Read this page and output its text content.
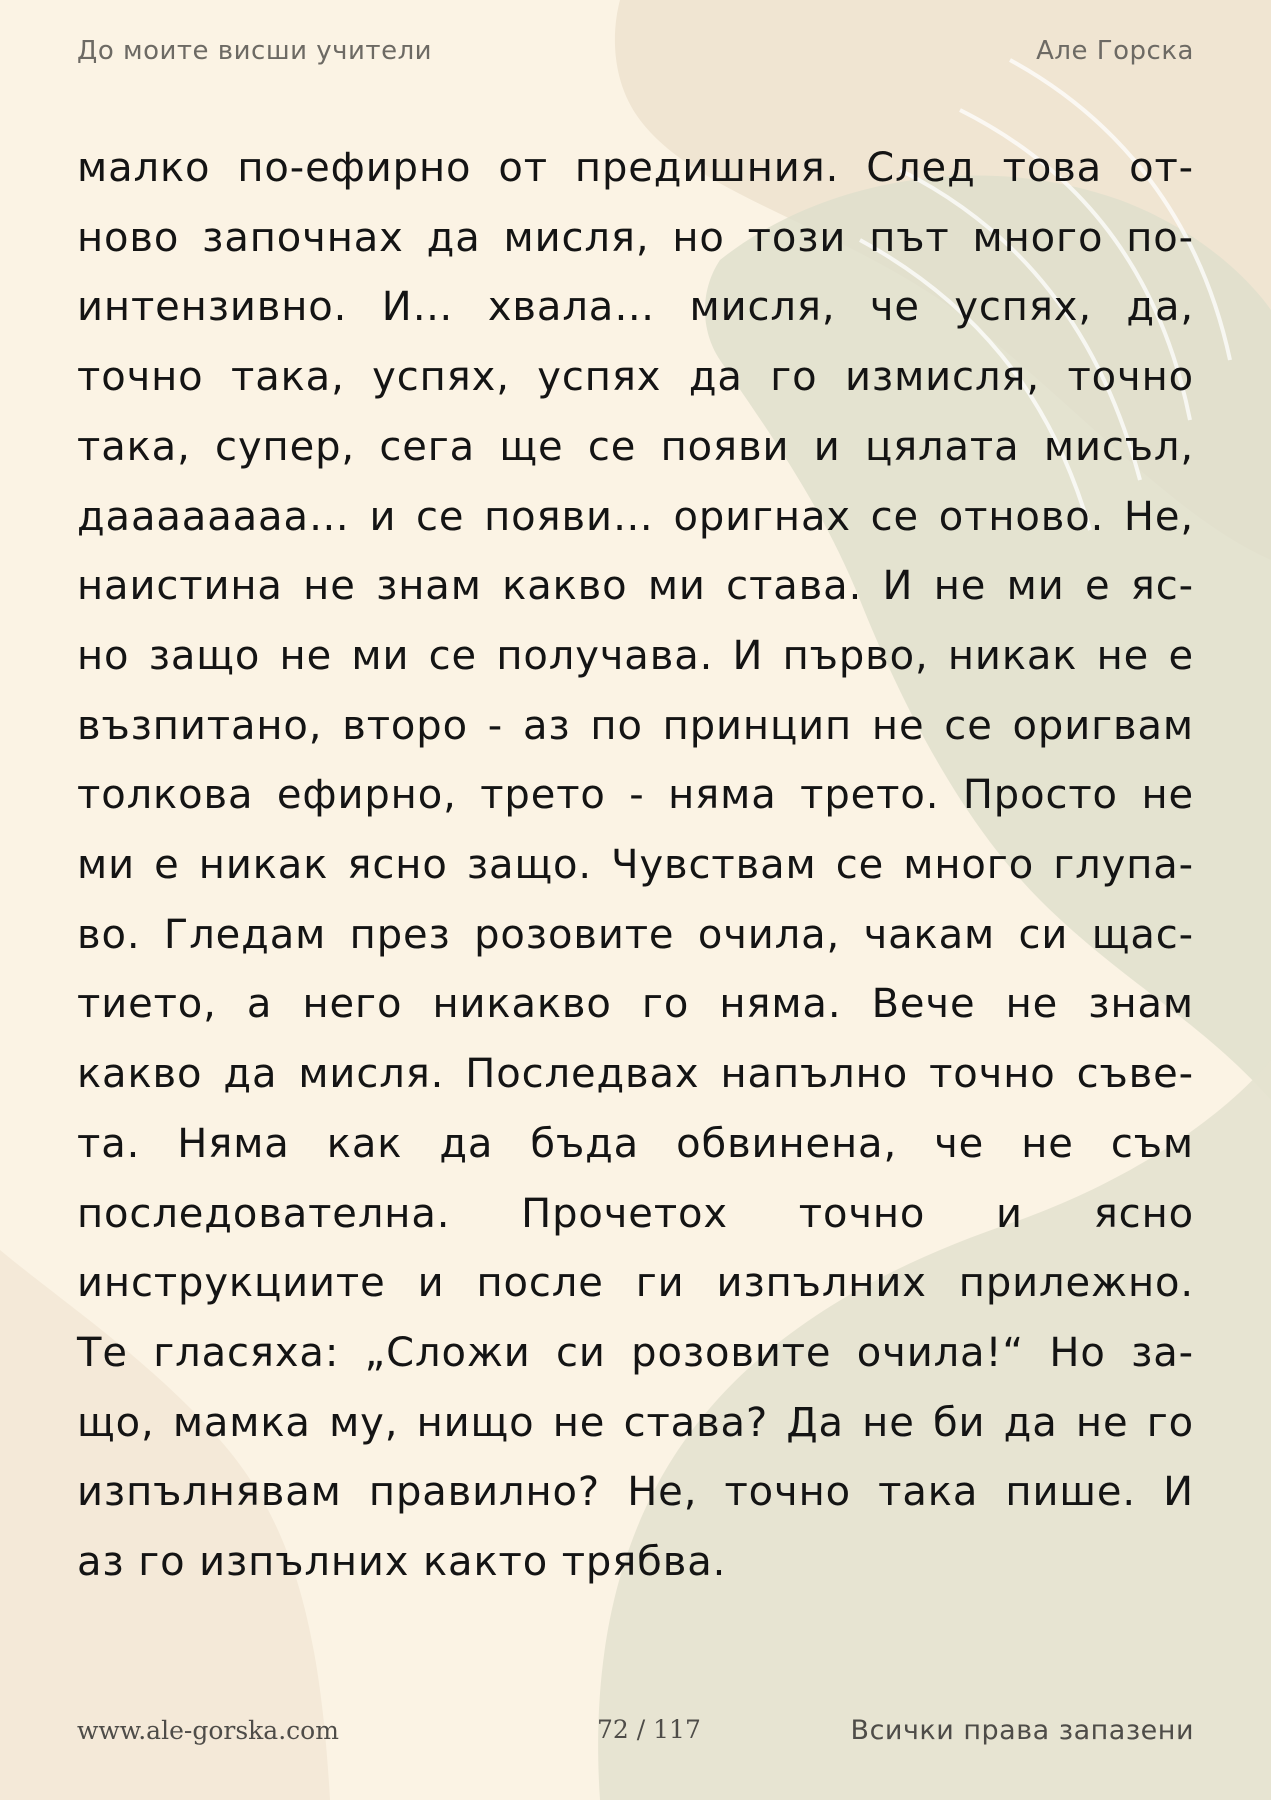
До моите висши учители	Але Горска
малко по-ефирно от предишния. След това от-
ново започнах да мисля, но този път много по-
интензивно. И… хвала… мисля, че успях, да,
точно така, успях, успях да го измисля, точно
така, супер, сега ще се появи и цялата мисъл,
даааааааа… и се появи… оригнах се отново. Не,
наистина не знам какво ми става. И не ми е яс-
но защо не ми се получава. И първо, никак не е
възпитано, второ - аз по принцип не се оригвам
толкова ефирно, трето - няма трето. Просто не
ми е никак ясно защо. Чувствам се много глупа-
во. Гледам през розовите очила, чакам си щас-
тието, а него никакво го няма. Вече не знам
какво да мисля. Последвах напълно точно съве-
та. Няма как да бъда обвинена, че не съм
последователна. Прочетох точно и ясно
инструкциите и после ги изпълних прилежно.
Те гласяха: „Сложи си розовите очила!“ Но за-
що, мамка му, нищо не става? Да не би да не го
изпълнявам правилно? Не, точно така пише. И
аз го изпълних както трябва.
www.ale-gorska.com	72 / 117	Всички права запазени
